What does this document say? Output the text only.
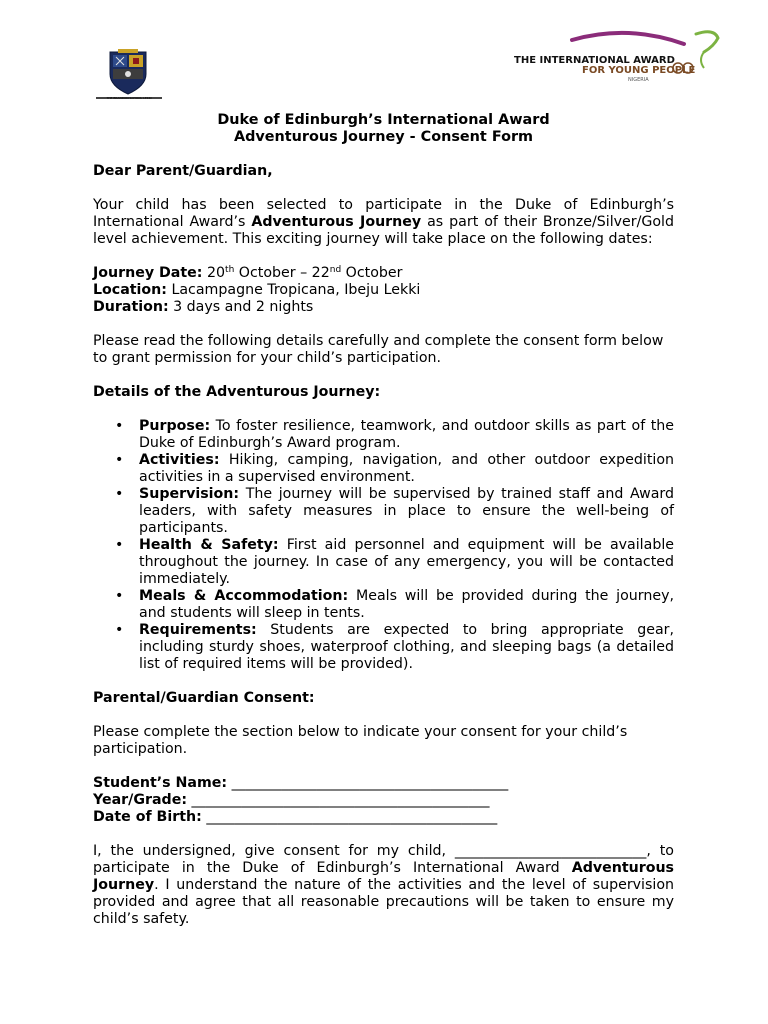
THE BRANDON SCHOOL LEKKI
THE INTERNATIONAL AWARD
FOR YOUNG PEOPLE
NIGERIA

Duke of Edinburgh’s International Award

Adventurous Journey - Consent Form

Dear Parent/Guardian,

Your child has been selected to participate in the Duke of Edinburgh’s International Award’s Adventurous Journey as part of their Bronze/Silver/Gold level achievement. This exciting journey will take place on the following dates:

Journey Date: 20th October – 22nd October

Location: Lacampagne Tropicana, Ibeju Lekki

Duration: 3 days and 2 nights

Please read the following details carefully and complete the consent form below to grant permission for your child’s participation.

Details of the Adventurous Journey:

• Purpose: To foster resilience, teamwork, and outdoor skills as part of the Duke of Edinburgh’s Award program.
• Activities: Hiking, camping, navigation, and other outdoor expedition activities in a supervised environment.
• Supervision: The journey will be supervised by trained staff and Award leaders, with safety measures in place to ensure the well-being of participants.
• Health & Safety: First aid personnel and equipment will be available throughout the journey. In case of any emergency, you will be contacted immediately.
• Meals & Accommodation: Meals will be provided during the journey, and students will sleep in tents.
• Requirements: Students are expected to bring appropriate gear, including sturdy shoes, waterproof clothing, and sleeping bags (a detailed list of required items will be provided).

Parental/Guardian Consent:

Please complete the section below to indicate your consent for your child’s participation.

Student’s Name: _______________________________________

Year/Grade: __________________________________________

Date of Birth: _________________________________________

I, the undersigned, give consent for my child, ___________________________, to participate in the Duke of Edinburgh’s International Award Adventurous Journey. I understand the nature of the activities and the level of supervision provided and agree that all reasonable precautions will be taken to ensure my child’s safety.
